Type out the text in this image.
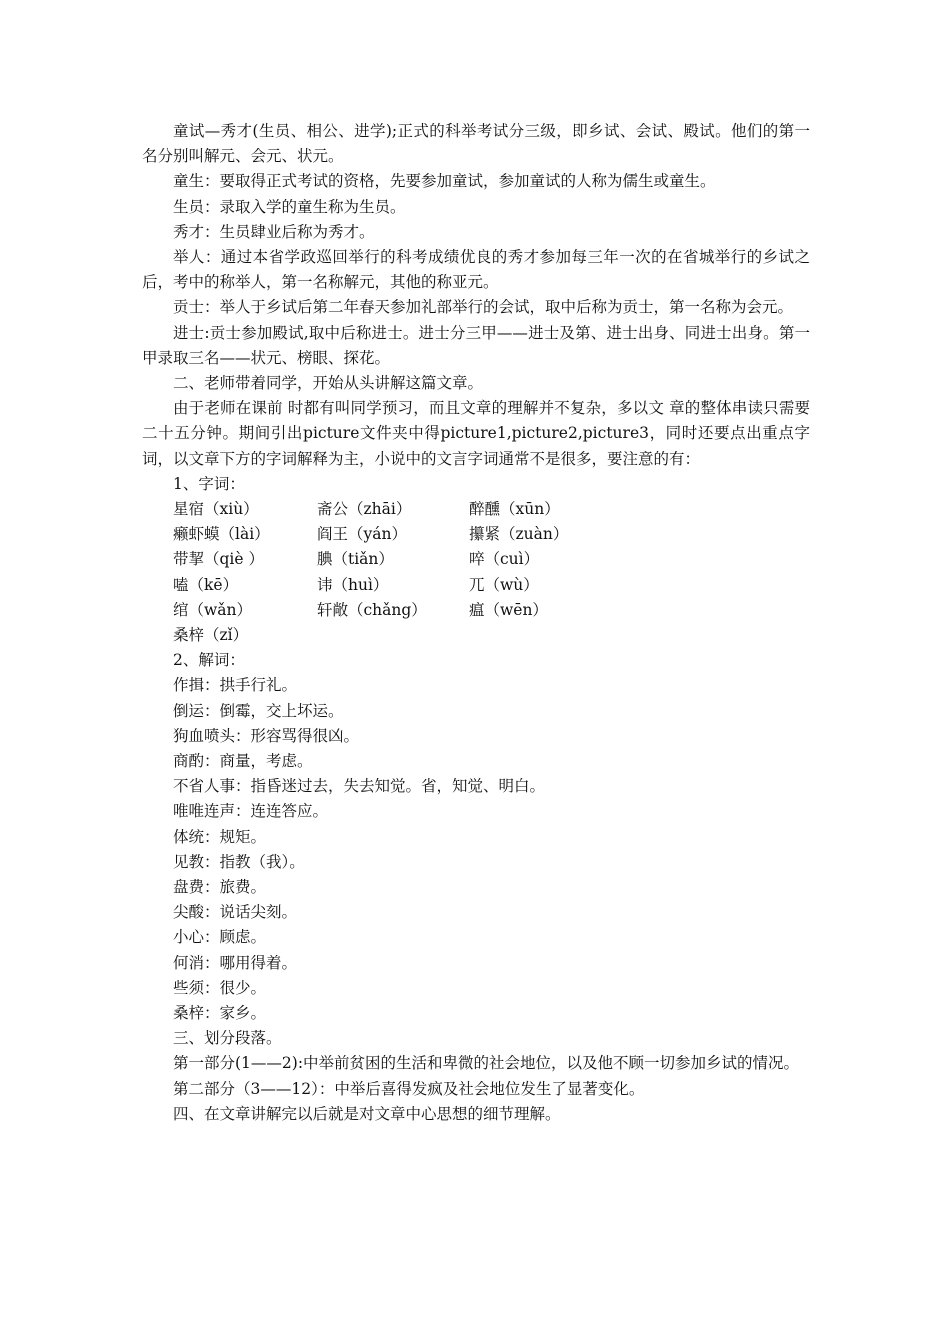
童试—秀才(生员、相公、进学);正式的科举考试分三级，即乡试、会试、殿试。他们的第一名分别叫解元、会元、状元。

童生：要取得正式考试的资格，先要参加童试，参加童试的人称为儒生或童生。

生员：录取入学的童生称为生员。

秀才：生员肆业后称为秀才。

举人：通过本省学政巡回举行的科考成绩优良的秀才参加每三年一次的在省城举行的乡试之后，考中的称举人，第一名称解元，其他的称亚元。

贡士：举人于乡试后第二年春天参加礼部举行的会试，取中后称为贡士，第一名称为会元。

进士:贡士参加殿试,取中后称进士。进士分三甲——进士及第、进士出身、同进士出身。第一甲录取三名——状元、榜眼、探花。

二、老师带着同学，开始从头讲解这篇文章。

由于老师在课前 时都有叫同学预习，而且文章的理解并不复杂，多以文 章的整体串读只需要二十五分钟。期间引出picture文件夹中得picture1,picture2,picture3，同时还要点出重点字词，以文章下方的字词解释为主，小说中的文言字词通常不是很多，要注意的有：

1、字词：

星宿（xiù）	斋公（zhāi）	醉醺（xūn）
癞虾蟆（lài）	阎王（yán）	攥紧（zuàn）
带挈（qiè ）	腆（tiǎn）	啐（cuì）
嗑（kē）	讳（huì）	兀（wù）
绾（wǎn）	轩敞（chǎng）	瘟（wēn）
桑梓（zǐ）

2、解词：

作揖：拱手行礼。

倒运：倒霉，交上坏运。

狗血喷头：形容骂得很凶。

商酌：商量，考虑。

不省人事：指昏迷过去，失去知觉。省，知觉、明白。

唯唯连声：连连答应。

体统：规矩。

见教：指教（我）。

盘费：旅费。

尖酸：说话尖刻。

小心：顾虑。

何消：哪用得着。

些须：很少。

桑梓：家乡。

三、划分段落。

第一部分(1——2):中举前贫困的生活和卑微的社会地位，以及他不顾一切参加乡试的情况。

第二部分（3——12）：中举后喜得发疯及社会地位发生了显著变化。

四、在文章讲解完以后就是对文章中心思想的细节理解。
